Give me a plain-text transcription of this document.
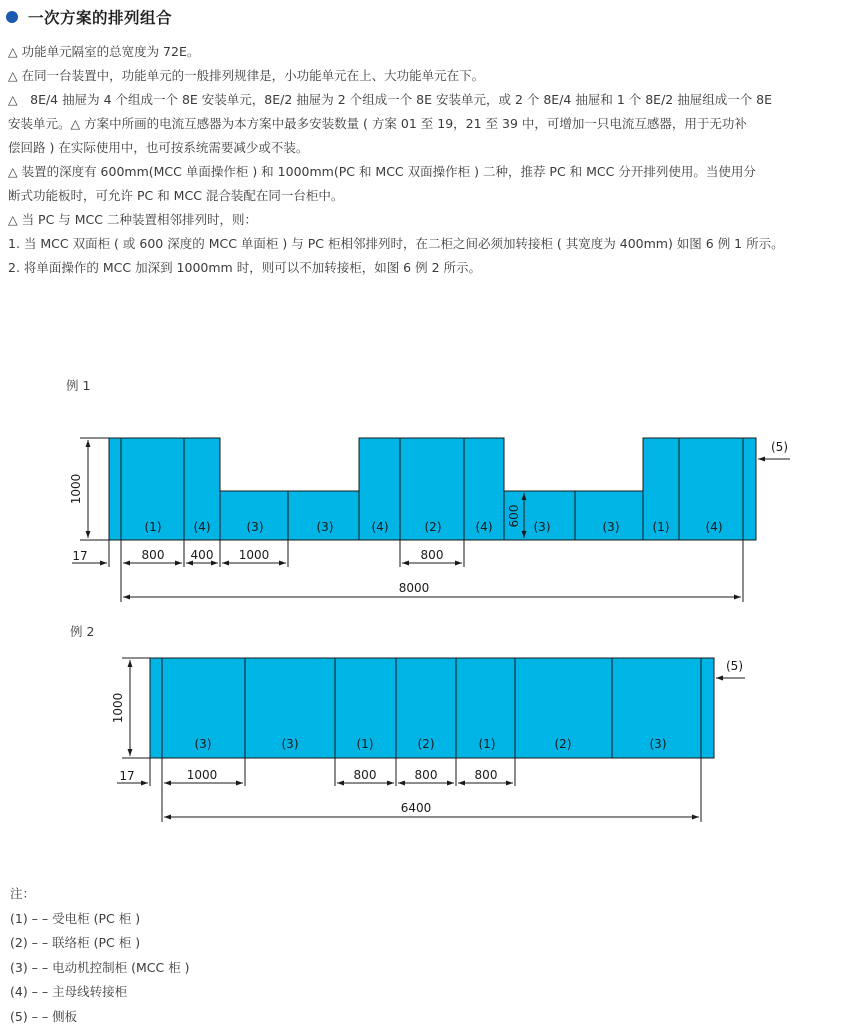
一次方案的排列组合
△ 功能单元隔室的总宽度为 72E。
△ 在同一台装置中，功能单元的一般排列规律是，小功能单元在上、大功能单元在下。
△　8E/4 抽屉为 4 个组成一个 8E 安装单元，8E/2 抽屉为 2 个组成一个 8E 安装单元，或 2 个 8E/4 抽屉和 1 个 8E/2 抽屉组成一个 8E
安装单元。△ 方案中所画的电流互感器为本方案中最多安装数量 ( 方案 01 至 19，21 至 39 中，可增加一只电流互感器，用于无功补
偿回路 ) 在实际使用中，也可按系统需要减少或不装。
△ 装置的深度有 600mm(MCC 单面操作柜 ) 和 1000mm(PC 和 MCC 双面操作柜 ) 二种，推荐 PC 和 MCC 分开排列使用。当使用分
断式功能板时，可允许 PC 和 MCC 混合装配在同一台柜中。
△ 当 PC 与 MCC 二种装置相邻排列时，则：
1. 当 MCC 双面柜 ( 或 600 深度的 MCC 单面柜 ) 与 PC 柜相邻排列时，在二柜之间必须加转接柜 ( 其宽度为 400mm) 如图 6 例 1 所示。
2. 将单面操作的 MCC 加深到 1000mm 时，则可以不加转接柜，如图 6 例 2 所示。
例 1
例 2
(1)	(4)	(3)	(3)	(4)	(2)	(4)	(3)	(3)	(1)	(4)
1000
600
(5)
17	800 400 1000	800
8000
(3)	(3)	(1)	(2)	(1)	(2)	(3)
1000
(5)
17	1000	800	800	800
6400
注：
(1) – – 受电柜 (PC 柜 )
(2) – – 联络柜 (PC 柜 )
(3) – – 电动机控制柜 (MCC 柜 )
(4) – – 主母线转接柜
(5) – – 侧板
